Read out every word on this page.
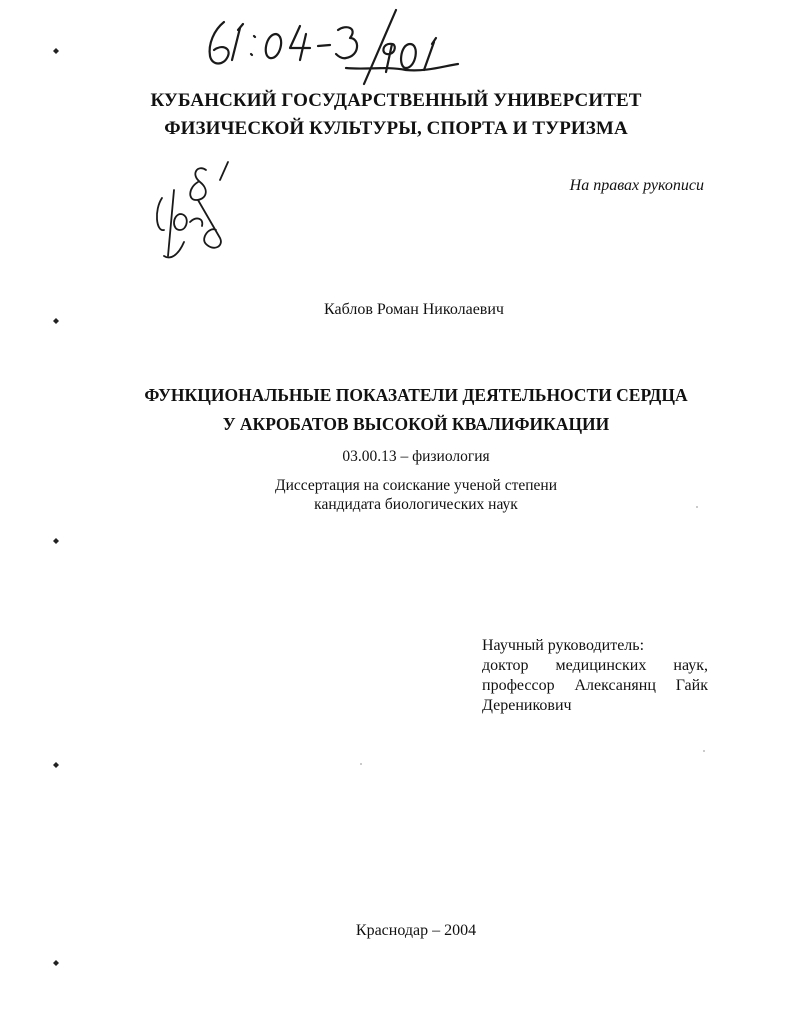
КУБАНСКИЙ ГОСУДАРСТВЕННЫЙ УНИВЕРСИТЕТ
ФИЗИЧЕСКОЙ КУЛЬТУРЫ, СПОРТА И ТУРИЗМА
На правах рукописи
Каблов Роман Николаевич
ФУНКЦИОНАЛЬНЫЕ ПОКАЗАТЕЛИ ДЕЯТЕЛЬНОСТИ СЕРДЦА
У АКРОБАТОВ ВЫСОКОЙ КВАЛИФИКАЦИИ
03.00.13 – физиология
Диссертация на соискание ученой степени
кандидата биологических наук
Научный руководитель:
доктор медицинских наук,
профессор Алексанянц Гайк
Дереникович
Краснодар – 2004
